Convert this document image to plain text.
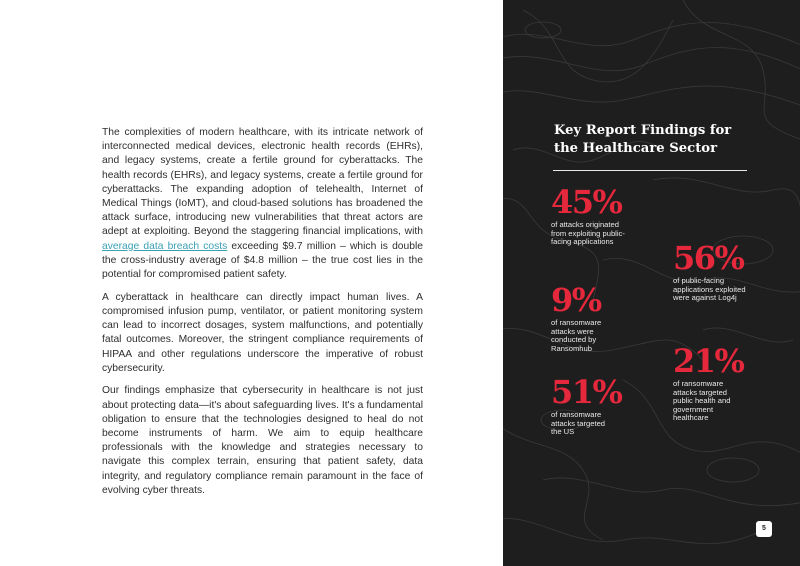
The complexities of modern healthcare, with its intricate network of interconnected medical devices, electronic health records (EHRs), and legacy systems, create a fertile ground for cyberattacks. The health records (EHRs), and legacy systems, create a fertile ground for cyberattacks. The expanding adoption of telehealth, Internet of Medical Things (IoMT), and cloud-based solutions has broadened the attack surface, introducing new vulnerabilities that threat actors are adept at exploiting. Beyond the staggering financial implications, with average data breach costs exceeding $9.7 million – which is double the cross-industry average of $4.8 million – the true cost lies in the potential for compromised patient safety.

A cyberattack in healthcare can directly impact human lives. A compromised infusion pump, ventilator, or patient monitoring system can lead to incorrect dosages, system malfunctions, and potentially fatal outcomes. Moreover, the stringent compliance requirements of HIPAA and other regulations underscore the imperative of robust cybersecurity.

Our findings emphasize that cybersecurity in healthcare is not just about protecting data—it's about safeguarding lives. It's a fundamental obligation to ensure that the technologies designed to heal do not become instruments of harm. We aim to equip healthcare professionals with the knowledge and strategies necessary to navigate this complex terrain, ensuring that patient safety, data integrity, and regulatory compliance remain paramount in the face of evolving cyber threats.

Key Report Findings for the Healthcare Sector
45%
of attacks originated from exploiting public-facing applications	56%
of public-facing applications exploited were against Log4j
9%
of ransomware attacks were conducted by Ransomhub	21%
of ransomware attacks targeted public health and government healthcare
51%
of ransomware attacks targeted the US
5
